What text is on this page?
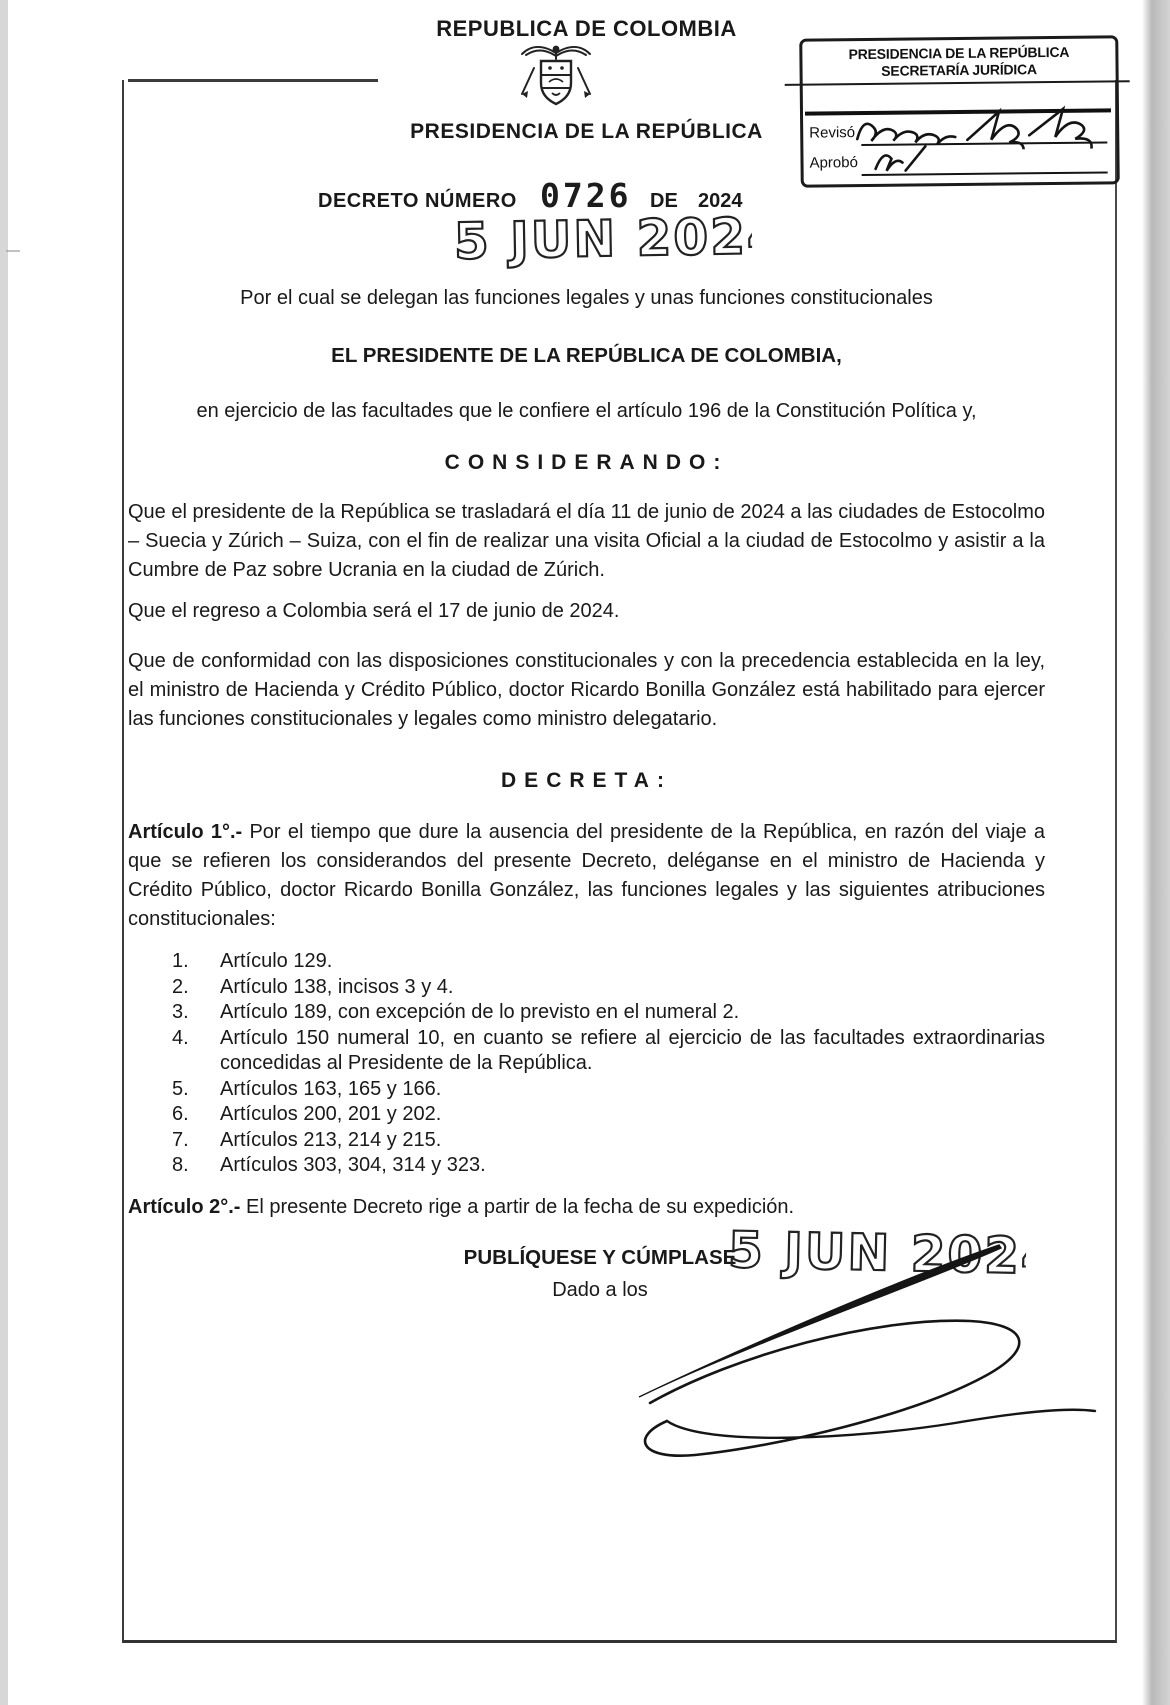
REPUBLICA DE COLOMBIA
PRESIDENCIA DE LA REPÚBLICA
PRESIDENCIA DE LA REPÚBLICA
SECRETARÍA JURÍDICA
Revisó
Aprobó
DECRETO NÚMERO 0726 DE 2024
5 JUN 2024
Por el cual se delegan las funciones legales y unas funciones constitucionales
EL PRESIDENTE DE LA REPÚBLICA DE COLOMBIA,
en ejercicio de las facultades que le confiere el artículo 196 de la Constitución Política y,
CONSIDERANDO:
Que el presidente de la República se trasladará el día 11 de junio de 2024 a las ciudades de Estocolmo – Suecia y Zúrich – Suiza, con el fin de realizar una visita Oficial a la ciudad de Estocolmo y asistir a la Cumbre de Paz sobre Ucrania en la ciudad de Zúrich.
Que el regreso a Colombia será el 17 de junio de 2024.
Que de conformidad con las disposiciones constitucionales y con la precedencia establecida en la ley, el ministro de Hacienda y Crédito Público, doctor Ricardo Bonilla González está habilitado para ejercer las funciones constitucionales y legales como ministro delegatario.
DECRETA:
Artículo 1°.- Por el tiempo que dure la ausencia del presidente de la República, en razón del viaje a que se refieren los considerandos del presente Decreto, deléganse en el ministro de Hacienda y Crédito Público, doctor Ricardo Bonilla González, las funciones legales y las siguientes atribuciones constitucionales:
1.	Artículo 129.
2.	Artículo 138, incisos 3 y 4.
3.	Artículo 189, con excepción de lo previsto en el numeral 2.
4.	Artículo 150 numeral 10, en cuanto se refiere al ejercicio de las facultades extraordinarias concedidas al Presidente de la República.
5.	Artículos 163, 165 y 166.
6.	Artículos 200, 201 y 202.
7.	Artículos 213, 214 y 215.
8.	Artículos 303, 304, 314 y 323.
Artículo 2°.- El presente Decreto rige a partir de la fecha de su expedición.
PUBLÍQUESE Y CÚMPLASE
Dado a los
5 JUN 2024
